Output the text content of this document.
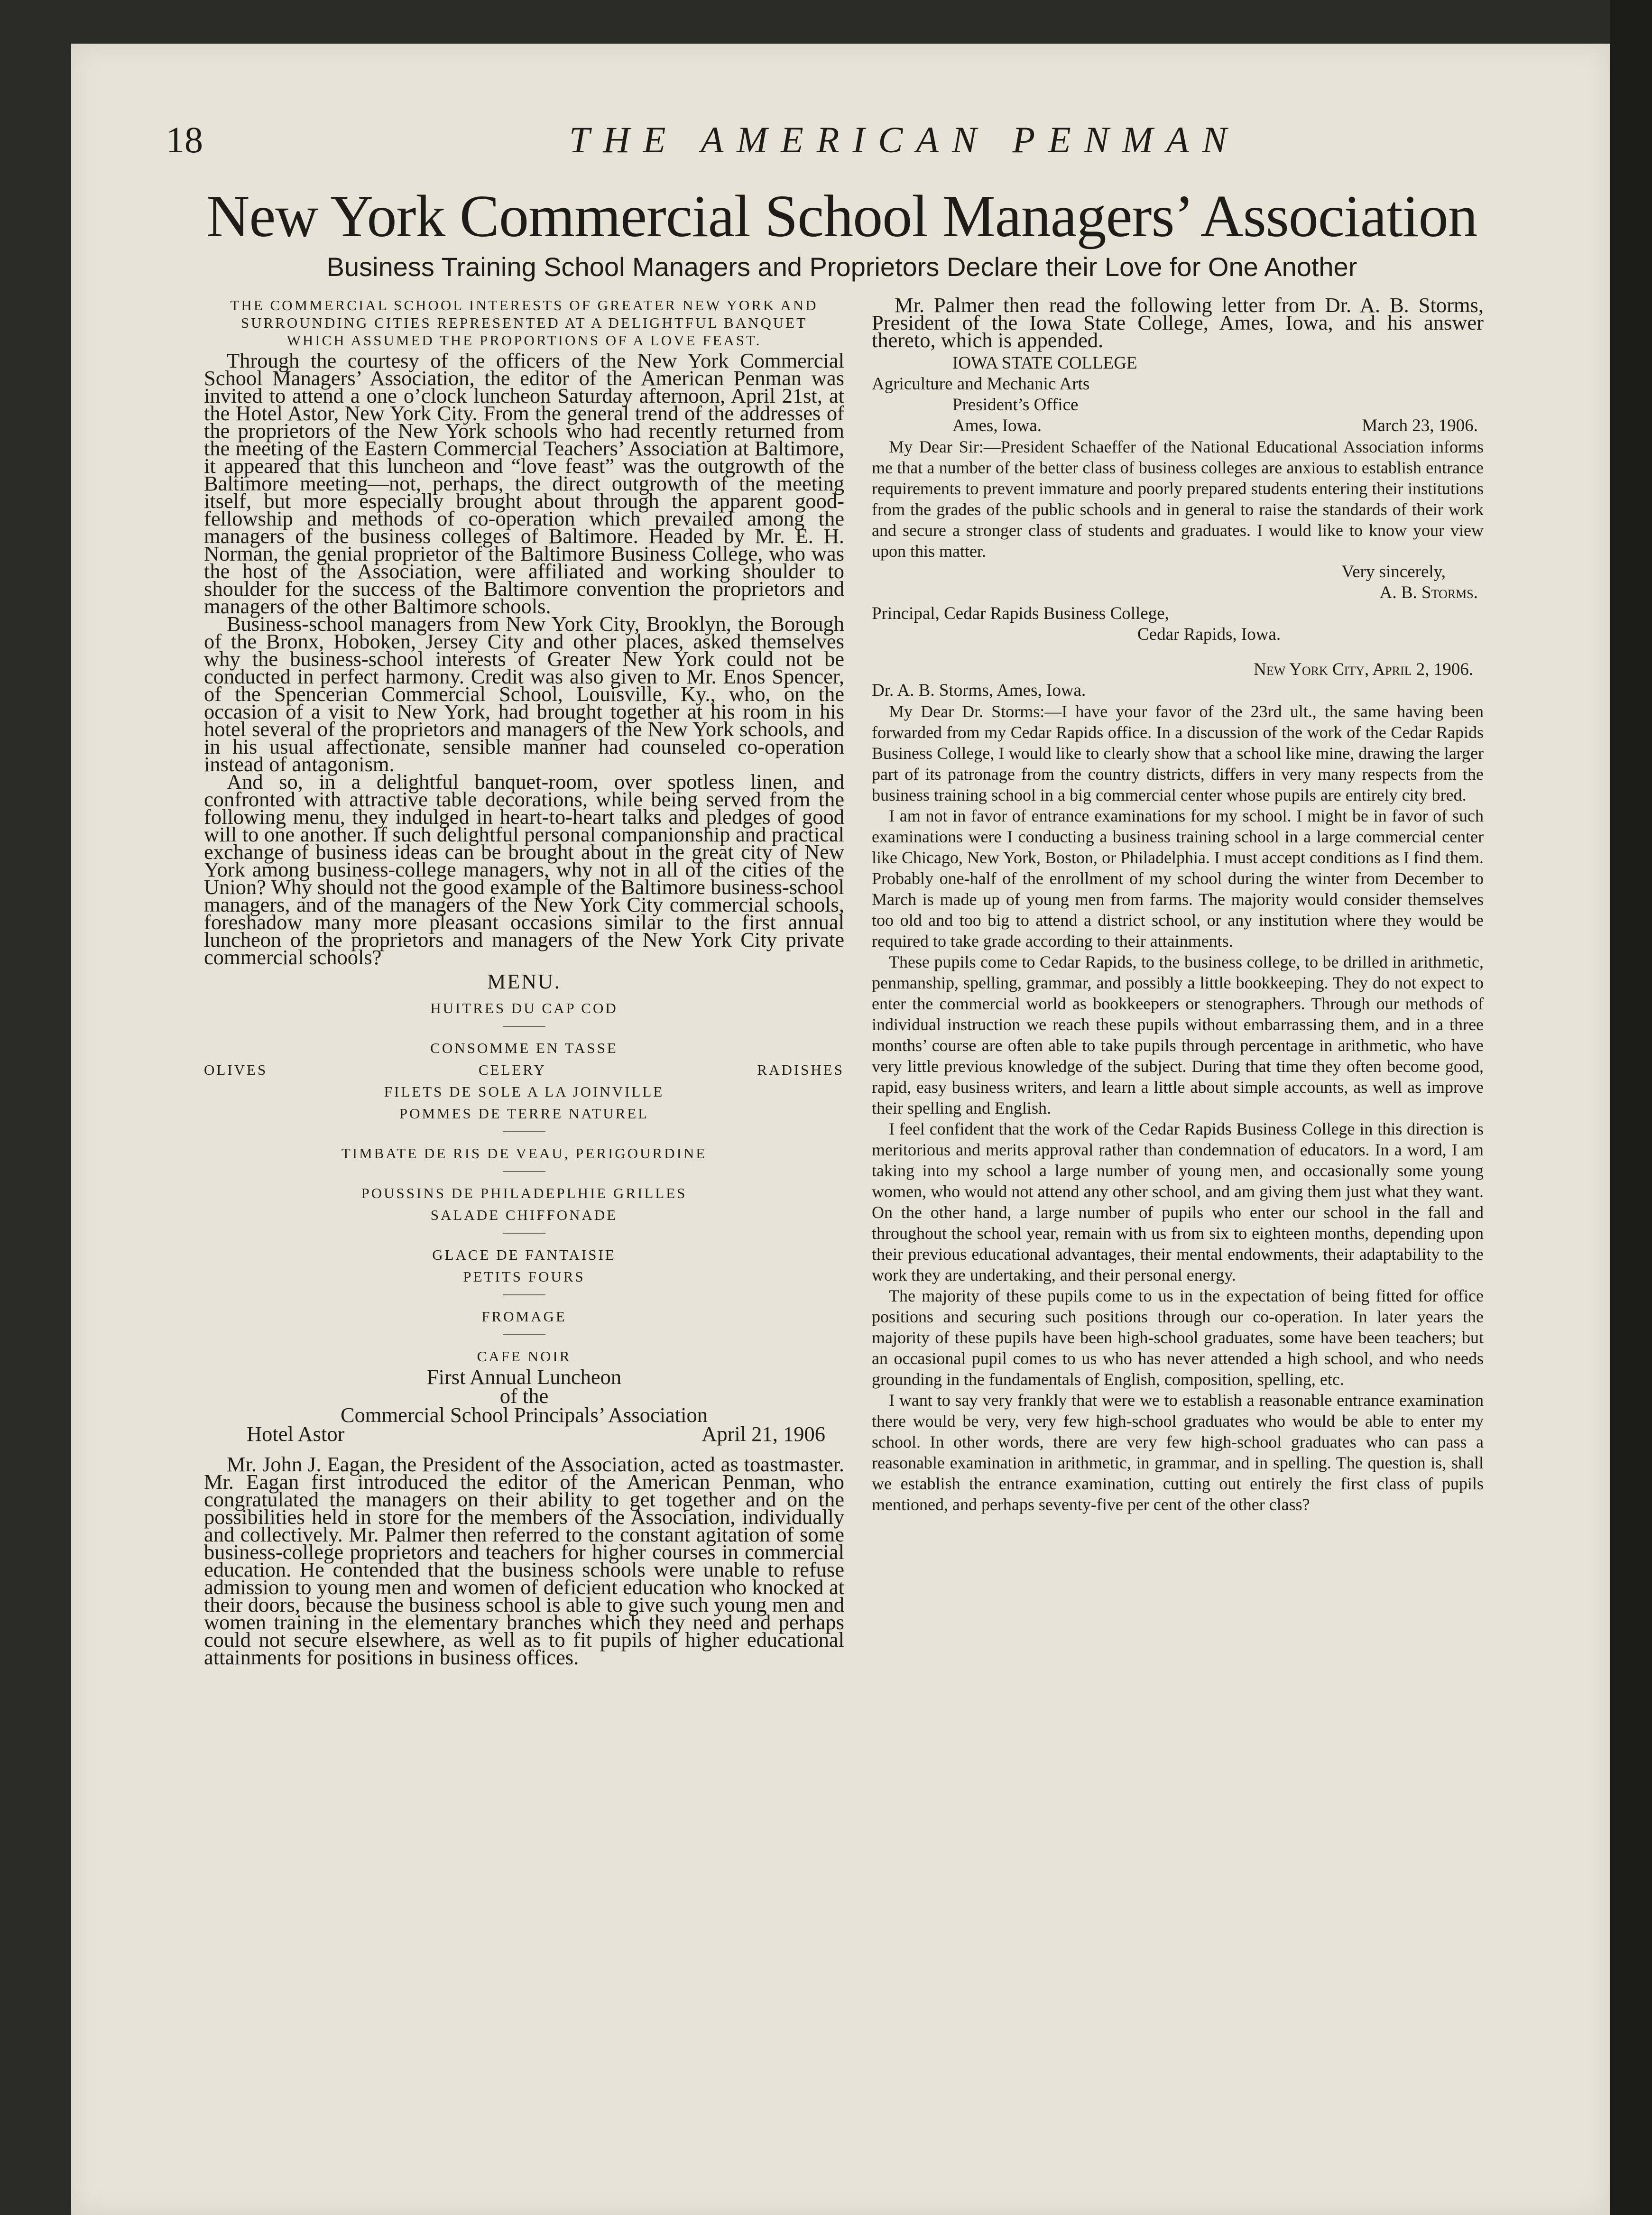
18	THE AMERICAN PENMAN
New York Commercial School Managers’ Association
Business Training School Managers and Proprietors Declare their Love for One Another
THE COMMERCIAL SCHOOL INTERESTS OF GREATER NEW YORK AND SURROUNDING CITIES REPRESENTED AT A DELIGHTFUL BANQUET WHICH ASSUMED THE PROPORTIONS OF A LOVE FEAST.

Through the courtesy of the officers of the New York Commercial School Managers’ Association, the editor of the American Penman was invited to attend a one o’clock luncheon Saturday afternoon, April 21st, at the Hotel Astor, New York City. From the general trend of the addresses of the proprietors of the New York schools who had recently returned from the meeting of the Eastern Commercial Teachers’ Association at Baltimore, it appeared that this luncheon and “love feast” was the outgrowth of the Baltimore meeting—not, perhaps, the direct outgrowth of the meeting itself, but more especially brought about through the apparent good-fellowship and methods of co-operation which prevailed among the managers of the business colleges of Baltimore. Headed by Mr. E. H. Norman, the genial proprietor of the Baltimore Business College, who was the host of the Association, were affiliated and working shoulder to shoulder for the success of the Baltimore convention the proprietors and managers of the other Baltimore schools.

Business-school managers from New York City, Brooklyn, the Borough of the Bronx, Hoboken, Jersey City and other places, asked themselves why the business-school interests of Greater New York could not be conducted in perfect harmony. Credit was also given to Mr. Enos Spencer, of the Spencerian Commercial School, Louisville, Ky., who, on the occasion of a visit to New York, had brought together at his room in his hotel several of the proprietors and managers of the New York schools, and in his usual affectionate, sensible manner had counseled co-operation instead of antagonism.

And so, in a delightful banquet-room, over spotless linen, and confronted with attractive table decorations, while being served from the following menu, they indulged in heart-to-heart talks and pledges of good will to one another. If such delightful personal companionship and practical exchange of business ideas can be brought about in the great city of New York among business-college managers, why not in all of the cities of the Union? Why should not the good example of the Baltimore business-school managers, and of the managers of the New York City commercial schools, foreshadow many more pleasant occasions similar to the first annual luncheon of the proprietors and managers of the New York City private commercial schools?

MENU.
HUITRES DU CAP COD
CONSOMME EN TASSE
OLIVES	CELERY	RADISHES
FILETS DE SOLE A LA JOINVILLE
POMMES DE TERRE NATUREL
TIMBATE DE RIS DE VEAU, PERIGOURDINE
POUSSINS DE PHILADEPLHIE GRILLES
SALADE CHIFFONADE
GLACE DE FANTAISIE
PETITS FOURS
FROMAGE
CAFE NOIR
First Annual Luncheon
of the
Commercial School Principals’ Association
Hotel Astor	April 21, 1906

Mr. John J. Eagan, the President of the Association, acted as toastmaster. Mr. Eagan first introduced the editor of the American Penman, who congratulated the managers on their ability to get together and on the possibilities held in store for the members of the Association, individually and collectively. Mr. Palmer then referred to the constant agitation of some business-college proprietors and teachers for higher courses in commercial education. He contended that the business schools were unable to refuse admission to young men and women of deficient education who knocked at their doors, because the business school is able to give such young men and women training in the elementary branches which they need and perhaps could not secure elsewhere, as well as to fit pupils of higher educational attainments for positions in business offices.

Mr. Palmer then read the following letter from Dr. A. B. Storms, President of the Iowa State College, Ames, Iowa, and his answer thereto, which is appended.

IOWA STATE COLLEGE
Agriculture and Mechanic Arts
President’s Office
Ames, Iowa.	March 23, 1906.

My Dear Sir:—President Schaeffer of the National Educational Association informs me that a number of the better class of business colleges are anxious to establish entrance requirements to prevent immature and poorly prepared students entering their institutions from the grades of the public schools and in general to raise the standards of their work and secure a stronger class of students and graduates. I would like to know your view upon this matter.

Very sincerely,
A. B. Storms.
Principal, Cedar Rapids Business College,
Cedar Rapids, Iowa.
New York City, April 2, 1906.
Dr. A. B. Storms, Ames, Iowa.

My Dear Dr. Storms:—I have your favor of the 23rd ult., the same having been forwarded from my Cedar Rapids office. In a discussion of the work of the Cedar Rapids Business College, I would like to clearly show that a school like mine, drawing the larger part of its patronage from the country districts, differs in very many respects from the business training school in a big commercial center whose pupils are entirely city bred.

I am not in favor of entrance examinations for my school. I might be in favor of such examinations were I conducting a business training school in a large commercial center like Chicago, New York, Boston, or Philadelphia. I must accept conditions as I find them. Probably one-half of the enrollment of my school during the winter from December to March is made up of young men from farms. The majority would consider themselves too old and too big to attend a district school, or any institution where they would be required to take grade according to their attainments.

These pupils come to Cedar Rapids, to the business college, to be drilled in arithmetic, penmanship, spelling, grammar, and possibly a little bookkeeping. They do not expect to enter the commercial world as bookkeepers or stenographers. Through our methods of individual instruction we reach these pupils without embarrassing them, and in a three months’ course are often able to take pupils through percentage in arithmetic, who have very little previous knowledge of the subject. During that time they often become good, rapid, easy business writers, and learn a little about simple accounts, as well as improve their spelling and English.

I feel confident that the work of the Cedar Rapids Business College in this direction is meritorious and merits approval rather than condemnation of educators. In a word, I am taking into my school a large number of young men, and occasionally some young women, who would not attend any other school, and am giving them just what they want. On the other hand, a large number of pupils who enter our school in the fall and throughout the school year, remain with us from six to eighteen months, depending upon their previous educational advantages, their mental endowments, their adaptability to the work they are undertaking, and their personal energy.

The majority of these pupils come to us in the expectation of being fitted for office positions and securing such positions through our co-operation. In later years the majority of these pupils have been high-school graduates, some have been teachers; but an occasional pupil comes to us who has never attended a high school, and who needs grounding in the fundamentals of English, composition, spelling, etc.

I want to say very frankly that were we to establish a reasonable entrance examination there would be very, very few high-school graduates who would be able to enter my school. In other words, there are very few high-school graduates who can pass a reasonable examination in arithmetic, in grammar, and in spelling. The question is, shall we establish the entrance examination, cutting out entirely the first class of pupils mentioned, and perhaps seventy-five per cent of the other class?
